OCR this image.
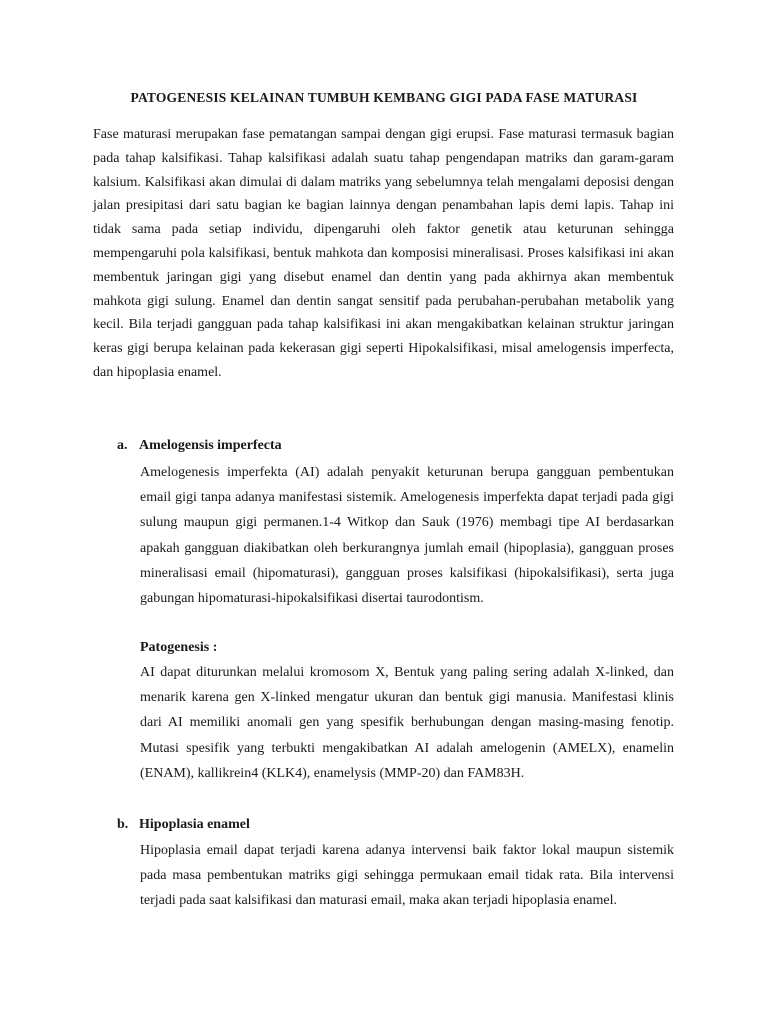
PATOGENESIS KELAINAN TUMBUH KEMBANG GIGI PADA FASE MATURASI

Fase maturasi merupakan fase pematangan sampai dengan gigi erupsi. Fase maturasi termasuk bagian pada tahap kalsifikasi. Tahap kalsifikasi adalah suatu tahap pengendapan matriks dan garam-garam kalsium. Kalsifikasi akan dimulai di dalam matriks yang sebelumnya telah mengalami deposisi dengan jalan presipitasi dari satu bagian ke bagian lainnya dengan penambahan lapis demi lapis. Tahap ini tidak sama pada setiap individu, dipengaruhi oleh faktor genetik atau keturunan sehingga mempengaruhi pola kalsifikasi, bentuk mahkota dan komposisi mineralisasi. Proses kalsifikasi ini akan membentuk jaringan gigi yang disebut enamel dan dentin yang pada akhirnya akan membentuk mahkota gigi sulung. Enamel dan dentin sangat sensitif pada perubahan-perubahan metabolik yang kecil. Bila terjadi gangguan pada tahap kalsifikasi ini akan mengakibatkan kelainan struktur jaringan keras gigi berupa kelainan pada kekerasan gigi seperti Hipokalsifikasi, misal amelogensis imperfecta, dan hipoplasia enamel.

a. Amelogensis imperfecta

Amelogenesis imperfekta (AI) adalah penyakit keturunan berupa gangguan pembentukan email gigi tanpa adanya manifestasi sistemik. Amelogenesis imperfekta dapat terjadi pada gigi sulung maupun gigi permanen.1-4 Witkop dan Sauk (1976) membagi tipe AI berdasarkan apakah gangguan diakibatkan oleh berkurangnya jumlah email (hipoplasia), gangguan proses mineralisasi email (hipomaturasi), gangguan proses kalsifikasi (hipokalsifikasi), serta juga gabungan hipomaturasi-hipokalsifikasi disertai taurodontism.

Patogenesis :

AI dapat diturunkan melalui kromosom X, Bentuk yang paling sering adalah X-linked, dan menarik karena gen X-linked mengatur ukuran dan bentuk gigi manusia. Manifestasi klinis dari AI memiliki anomali gen yang spesifik berhubungan dengan masing-masing fenotip. Mutasi spesifik yang terbukti mengakibatkan AI adalah amelogenin (AMELX), enamelin (ENAM), kallikrein4 (KLK4), enamelysis (MMP-20) dan FAM83H.

b. Hipoplasia enamel

Hipoplasia email dapat terjadi karena adanya intervensi baik faktor lokal maupun sistemik pada masa pembentukan matriks gigi sehingga permukaan email tidak rata. Bila intervensi terjadi pada saat kalsifikasi dan maturasi email, maka akan terjadi hipoplasia enamel.
